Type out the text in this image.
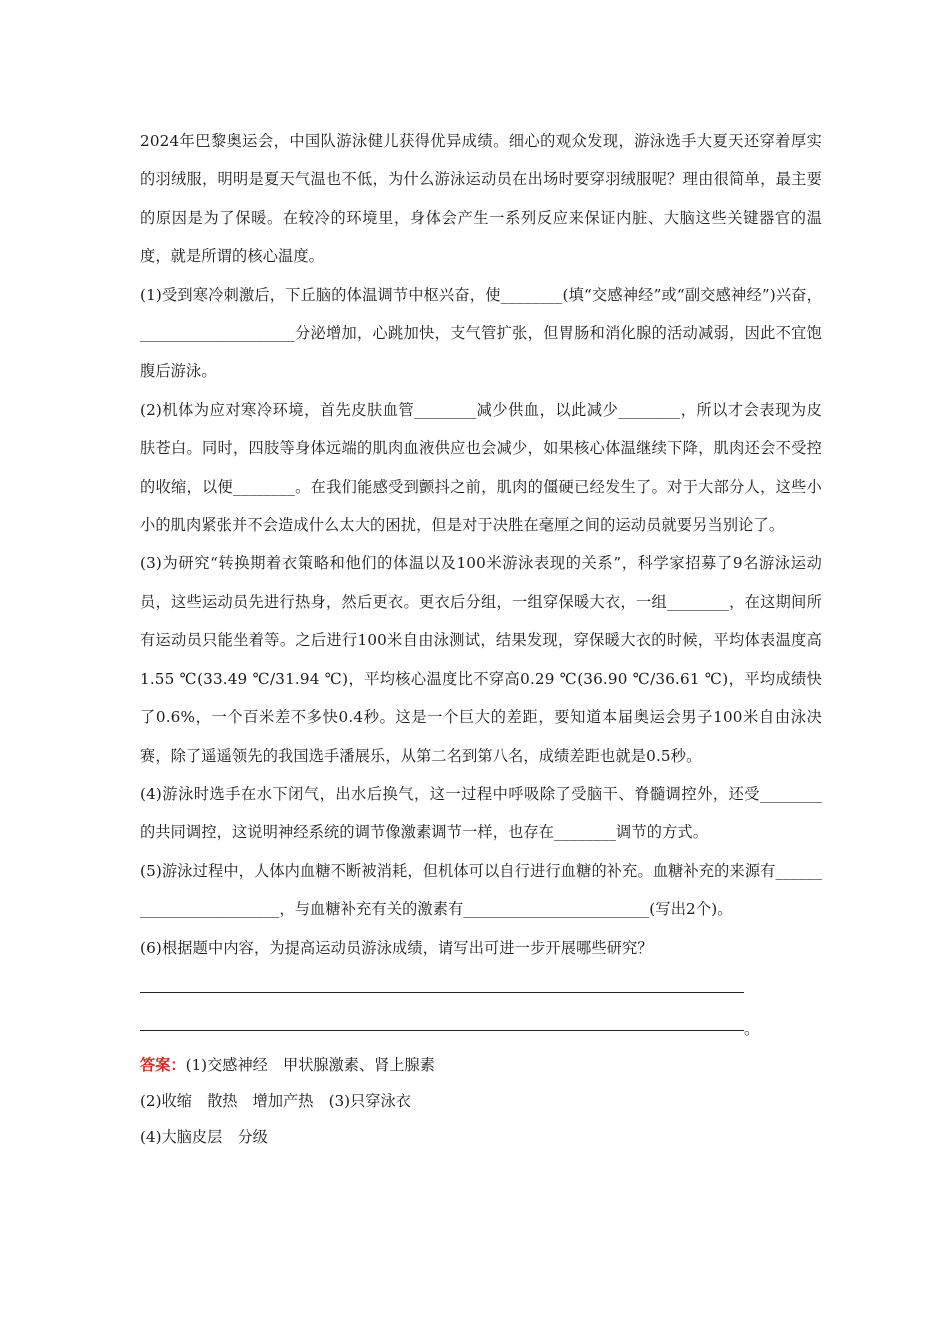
2024年巴黎奥运会，中国队游泳健儿获得优异成绩。细心的观众发现，游泳选手大夏天还穿着厚实的羽绒服，明明是夏天气温也不低，为什么游泳运动员在出场时要穿羽绒服呢？理由很简单，最主要的原因是为了保暖。在较冷的环境里，身体会产生一系列反应来保证内脏、大脑这些关键器官的温度，就是所谓的核心温度。

(1)受到寒冷刺激后，下丘脑的体温调节中枢兴奋，使________(填“交感神经”或“副交感神经”)兴奋，____________________分泌增加，心跳加快，支气管扩张，但胃肠和消化腺的活动减弱，因此不宜饱腹后游泳。

(2)机体为应对寒冷环境，首先皮肤血管________减少供血，以此减少________，所以才会表现为皮肤苍白。同时，四肢等身体远端的肌肉血液供应也会减少，如果核心体温继续下降，肌肉还会不受控的收缩，以便________。在我们能感受到颤抖之前，肌肉的僵硬已经发生了。对于大部分人，这些小小的肌肉紧张并不会造成什么太大的困扰，但是对于决胜在毫厘之间的运动员就要另当别论了。

(3)为研究“转换期着衣策略和他们的体温以及100米游泳表现的关系”，科学家招募了9名游泳运动员，这些运动员先进行热身，然后更衣。更衣后分组，一组穿保暖大衣，一组________，在这期间所有运动员只能坐着等。之后进行100米自由泳测试，结果发现，穿保暖大衣的时候，平均体表温度高1.55 ℃(33.49 ℃/31.94 ℃)，平均核心温度比不穿高0.29 ℃(36.90 ℃/36.61 ℃)，平均成绩快了0.6%，一个百米差不多快0.4秒。这是一个巨大的差距，要知道本届奥运会男子100米自由泳决赛，除了遥遥领先的我国选手潘展乐，从第二名到第八名，成绩差距也就是0.5秒。

(4)游泳时选手在水下闭气，出水后换气，这一过程中呼吸除了受脑干、脊髓调控外，还受________的共同调控，这说明神经系统的调节像激素调节一样，也存在________调节的方式。

(5)游泳过程中，人体内血糖不断被消耗，但机体可以自行进行血糖的补充。血糖补充的来源有________________________，与血糖补充有关的激素有________________________(写出2个)。

(6)根据题中内容，为提高运动员游泳成绩，请写出可进一步开展哪些研究？

。

答案：(1)交感神经　甲状腺激素、肾上腺素

(2)收缩　散热　增加产热　(3)只穿泳衣

(4)大脑皮层　分级
